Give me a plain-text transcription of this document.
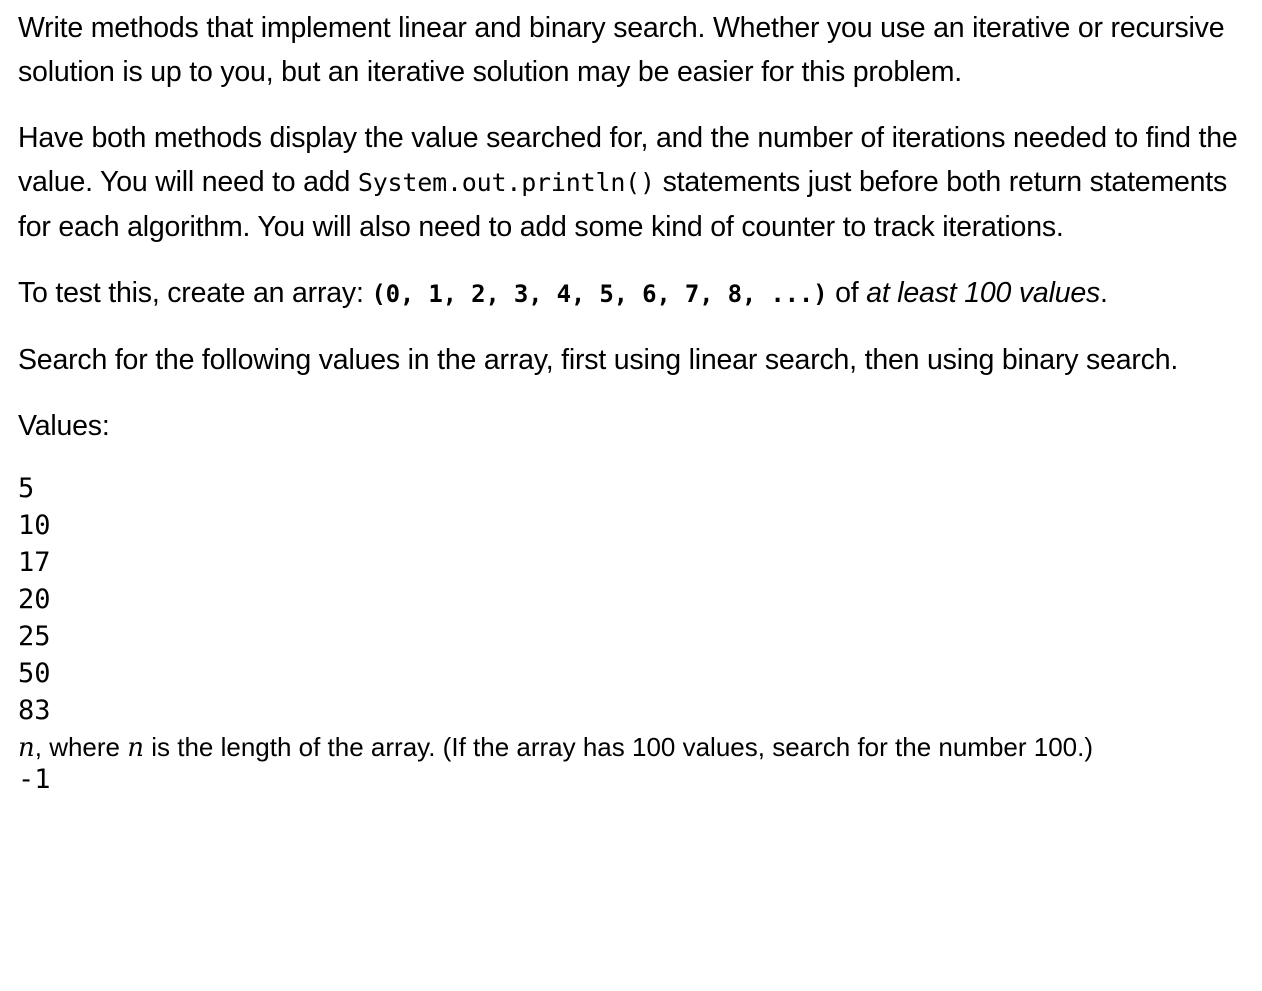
Write methods that implement linear and binary search. Whether you use an iterative or recursive solution is up to you, but an iterative solution may be easier for this problem.

Have both methods display the value searched for, and the number of iterations needed to find the value. You will need to add System.out.println() statements just before both return statements for each algorithm. You will also need to add some kind of counter to track iterations.

To test this, create an array: (0, 1, 2, 3, 4, 5, 6, 7, 8, ...) of at least 100 values.

Search for the following values in the array, first using linear search, then using binary search.

Values:

5
10
17
20
25
50
83

n, where n is the length of the array. (If the array has 100 values, search for the number 100.)

-1
